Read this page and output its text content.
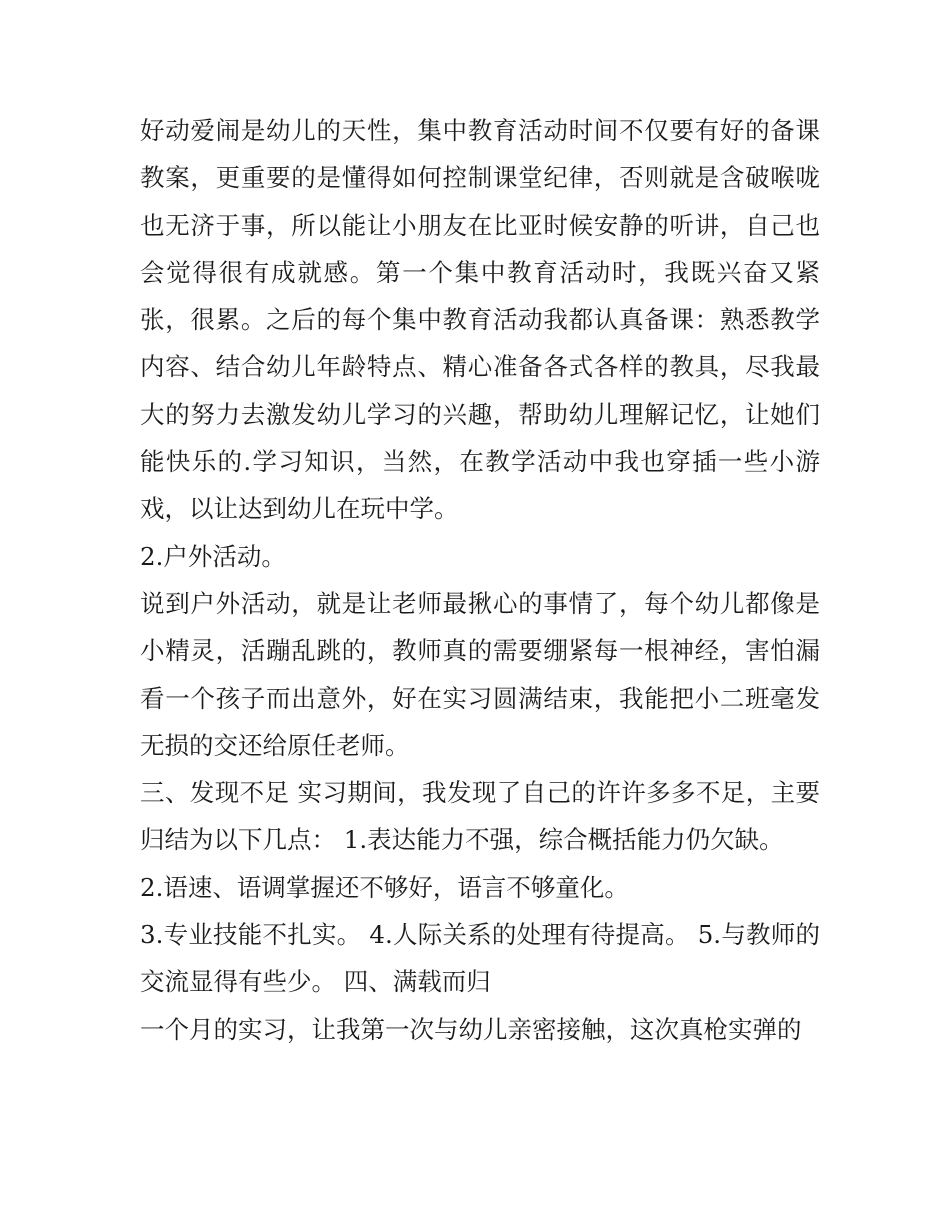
好动爱闹是幼儿的天性，集中教育活动时间不仅要有好的备课教案，更重要的是懂得如何控制课堂纪律，否则就是含破喉咙也无济于事，所以能让小朋友在比亚时候安静的听讲，自己也会觉得很有成就感。第一个集中教育活动时，我既兴奋又紧张，很累。之后的每个集中教育活动我都认真备课：熟悉教学内容、结合幼儿年龄特点、精心准备各式各样的教具，尽我最大的努力去激发幼儿学习的兴趣，帮助幼儿理解记忆，让她们能快乐的.学习知识，当然，在教学活动中我也穿插一些小游戏，以让达到幼儿在玩中学。

2.户外活动。

说到户外活动，就是让老师最揪心的事情了，每个幼儿都像是小精灵，活蹦乱跳的，教师真的需要绷紧每一根神经，害怕漏看一个孩子而出意外，好在实习圆满结束，我能把小二班毫发无损的交还给原任老师。

三、发现不足 实习期间，我发现了自己的许许多多不足，主要归结为以下几点： 1.表达能力不强，综合概括能力仍欠缺。

2.语速、语调掌握还不够好，语言不够童化。

3.专业技能不扎实。 4.人际关系的处理有待提高。 5.与教师的交流显得有些少。 四、满载而归

一个月的实习，让我第一次与幼儿亲密接触，这次真枪实弹的
